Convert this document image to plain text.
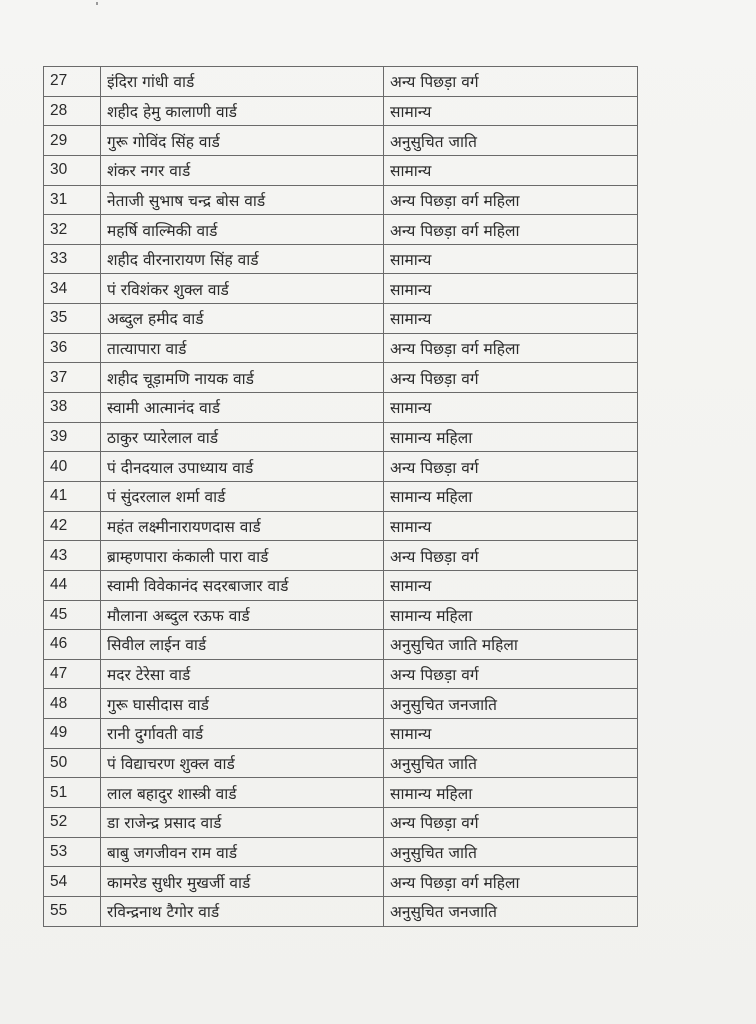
27	इंदिरा गांधी वार्ड	अन्य पिछड़ा वर्ग
28	शहीद हेमु कालाणी वार्ड	सामान्य
29	गुरू गोविंद सिंह वार्ड	अनुसुचित जाति
30	शंकर नगर वार्ड	सामान्य
31	नेताजी सुभाष चन्द्र बोस वार्ड	अन्य पिछड़ा वर्ग महिला
32	महर्षि वाल्मिकी वार्ड	अन्य पिछड़ा वर्ग महिला
33	शहीद वीरनारायण सिंह वार्ड	सामान्य
34	पं रविशंकर शुक्ल वार्ड	सामान्य
35	अब्दुल हमीद वार्ड	सामान्य
36	तात्यापारा वार्ड	अन्य पिछड़ा वर्ग महिला
37	शहीद चूड़ामणि नायक वार्ड	अन्य पिछड़ा वर्ग
38	स्वामी आत्मानंद वार्ड	सामान्य
39	ठाकुर प्यारेलाल वार्ड	सामान्य महिला
40	पं दीनदयाल उपाध्याय वार्ड	अन्य पिछड़ा वर्ग
41	पं सुंदरलाल शर्मा वार्ड	सामान्य महिला
42	महंत लक्ष्मीनारायणदास वार्ड	सामान्य
43	ब्राम्हणपारा कंकाली पारा वार्ड	अन्य पिछड़ा वर्ग
44	स्वामी विवेकानंद सदरबाजार वार्ड	सामान्य
45	मौलाना अब्दुल रऊफ वार्ड	सामान्य महिला
46	सिवील लाईन वार्ड	अनुसुचित जाति महिला
47	मदर टेरेसा वार्ड	अन्य पिछड़ा वर्ग
48	गुरू घासीदास वार्ड	अनुसुचित जनजाति
49	रानी दुर्गावती वार्ड	सामान्य
50	पं विद्याचरण शुक्ल वार्ड	अनुसुचित जाति
51	लाल बहादुर शास्त्री वार्ड	सामान्य महिला
52	डा राजेन्द्र प्रसाद वार्ड	अन्य पिछड़ा वर्ग
53	बाबु जगजीवन राम वार्ड	अनुसुचित जाति
54	कामरेड सुधीर मुखर्जी वार्ड	अन्य पिछड़ा वर्ग महिला
55	रविन्द्रनाथ टैगोर वार्ड	अनुसुचित जनजाति
